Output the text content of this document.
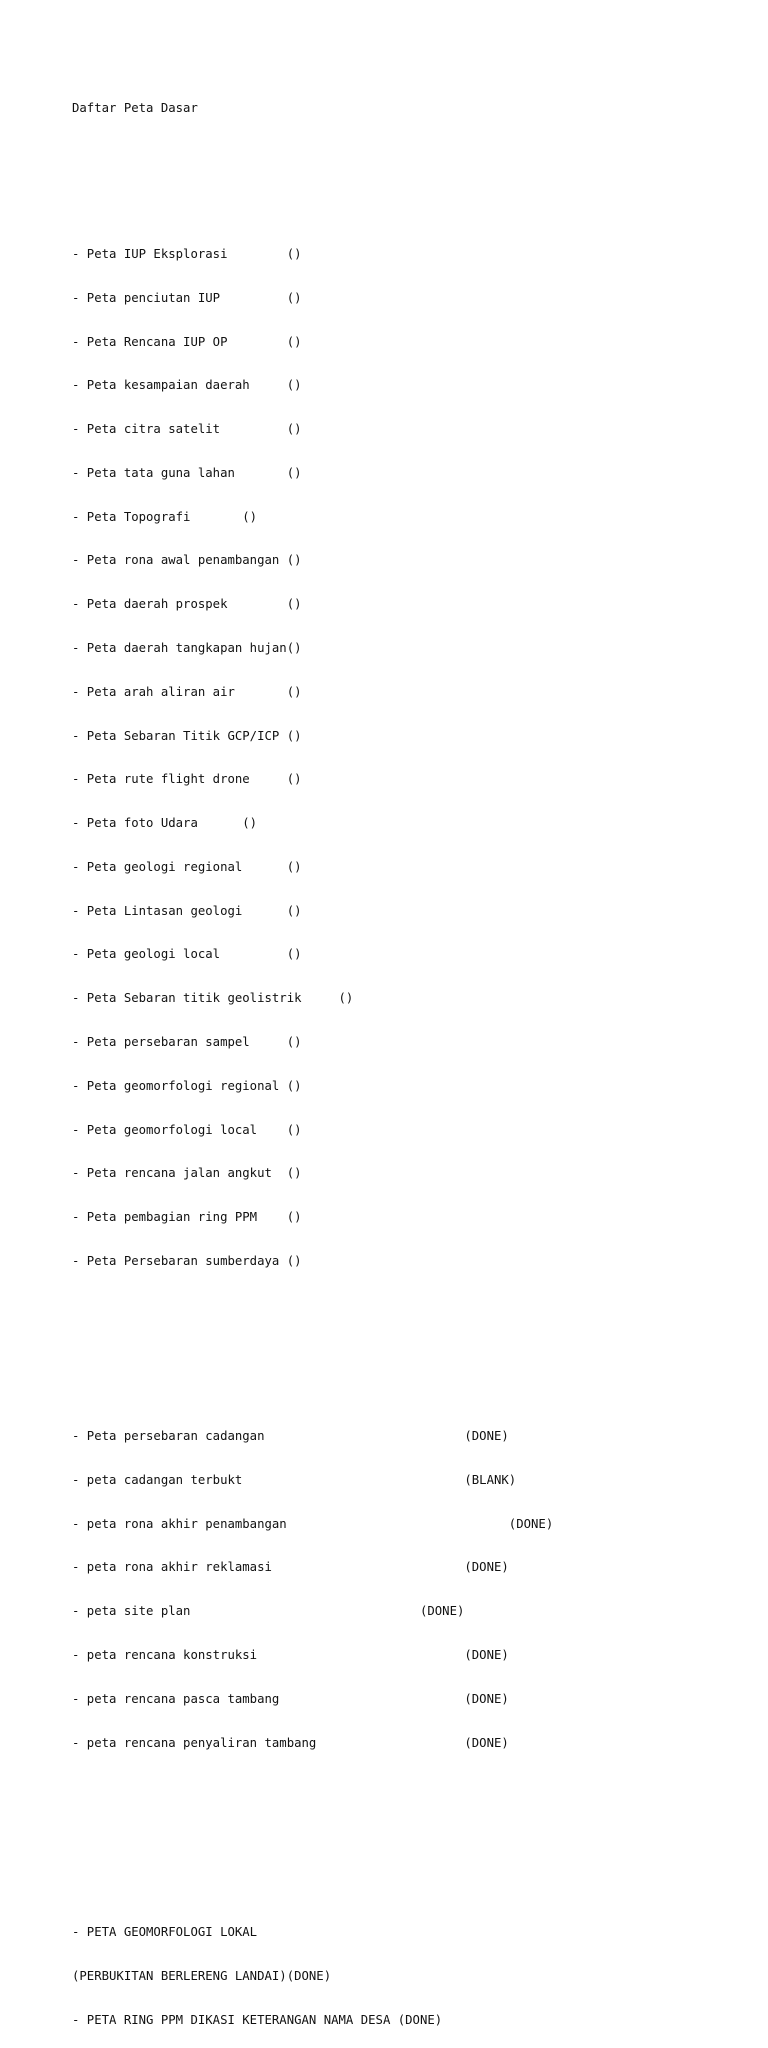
Daftar Peta Dasar

- Peta IUP Eksplorasi        ()

- Peta penciutan IUP         ()

- Peta Rencana IUP OP        ()

- Peta kesampaian daerah     ()

- Peta citra satelit         ()

- Peta tata guna lahan       ()

- Peta Topografi       ()

- Peta rona awal penambangan ()

- Peta daerah prospek        ()

- Peta daerah tangkapan hujan()

- Peta arah aliran air       ()

- Peta Sebaran Titik GCP/ICP ()

- Peta rute flight drone     ()

- Peta foto Udara      ()

- Peta geologi regional      ()

- Peta Lintasan geologi      ()

- Peta geologi local         ()

- Peta Sebaran titik geolistrik     ()

- Peta persebaran sampel     ()

- Peta geomorfologi regional ()

- Peta geomorfologi local    ()

- Peta rencana jalan angkut  ()

- Peta pembagian ring PPM    ()

- Peta Persebaran sumberdaya ()

- Peta persebaran cadangan                           (DONE)

- peta cadangan terbukt                              (BLANK)

- peta rona akhir penambangan                              (DONE)

- peta rona akhir reklamasi                          (DONE)

- peta site plan                               (DONE)

- peta rencana konstruksi                            (DONE)

- peta rencana pasca tambang                         (DONE)

- peta rencana penyaliran tambang                    (DONE)

- PETA GEOMORFOLOGI LOKAL

(PERBUKITAN BERLERENG LANDAI)(DONE)

- PETA RING PPM DIKASI KETERANGAN NAMA DESA (DONE)
